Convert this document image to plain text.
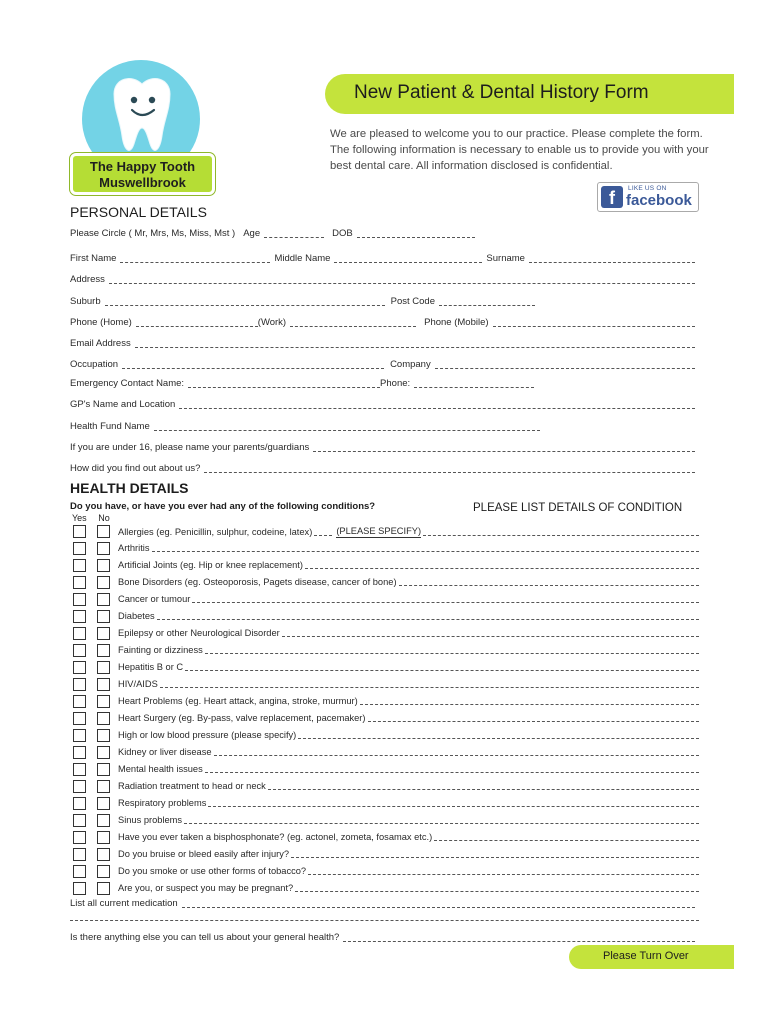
The Happy Tooth
Muswellbrook
New Patient & Dental History Form
We are pleased to welcome you to our practice. Please complete the form. The following information is necessary to enable us to provide you with your best dental care. All information disclosed is confidential.
f	LIKE US ON
facebook
PERSONAL DETAILS
Please Circle ( Mr, Mrs, Ms, Miss, Mst ) Age	DOB
First Name	Middle Name	Surname
Address
Suburb	Post Code
Phone (Home)	(Work)	Phone (Mobile)
Email Address
Occupation	Company
Emergency Contact Name:	Phone:
GP's Name and Location
Health Fund Name
If you are under 16, please name your parents/guardians
How did you find out about us?
HEALTH DETAILS
Do you have, or have you ever had any of the following conditions?
Yes No
PLEASE LIST DETAILS OF CONDITION
Allergies (eg. Penicillin, sulphur, codeine, latex)	(PLEASE SPECIFY)
Arthritis
Artificial Joints (eg. Hip or knee replacement)
Bone Disorders (eg. Osteoporosis, Pagets disease, cancer of bone)
Cancer or tumour
Diabetes
Epilepsy or other Neurological Disorder
Fainting or dizziness
Hepatitis B or C
HIV/AIDS
Heart Problems (eg. Heart attack, angina, stroke, murmur)
Heart Surgery (eg. By-pass, valve replacement, pacemaker)
High or low blood pressure (please specify)
Kidney or liver disease
Mental health issues
Radiation treatment to head or neck
Respiratory problems
Sinus problems
Have you ever taken a bisphosphonate? (eg. actonel, zometa, fosamax etc.)
Do you bruise or bleed easily after injury?
Do you smoke or use other forms of tobacco?
Are you, or suspect you may be pregnant?
List all current medication
Is there anything else you can tell us about your general health?
Please Turn Over
